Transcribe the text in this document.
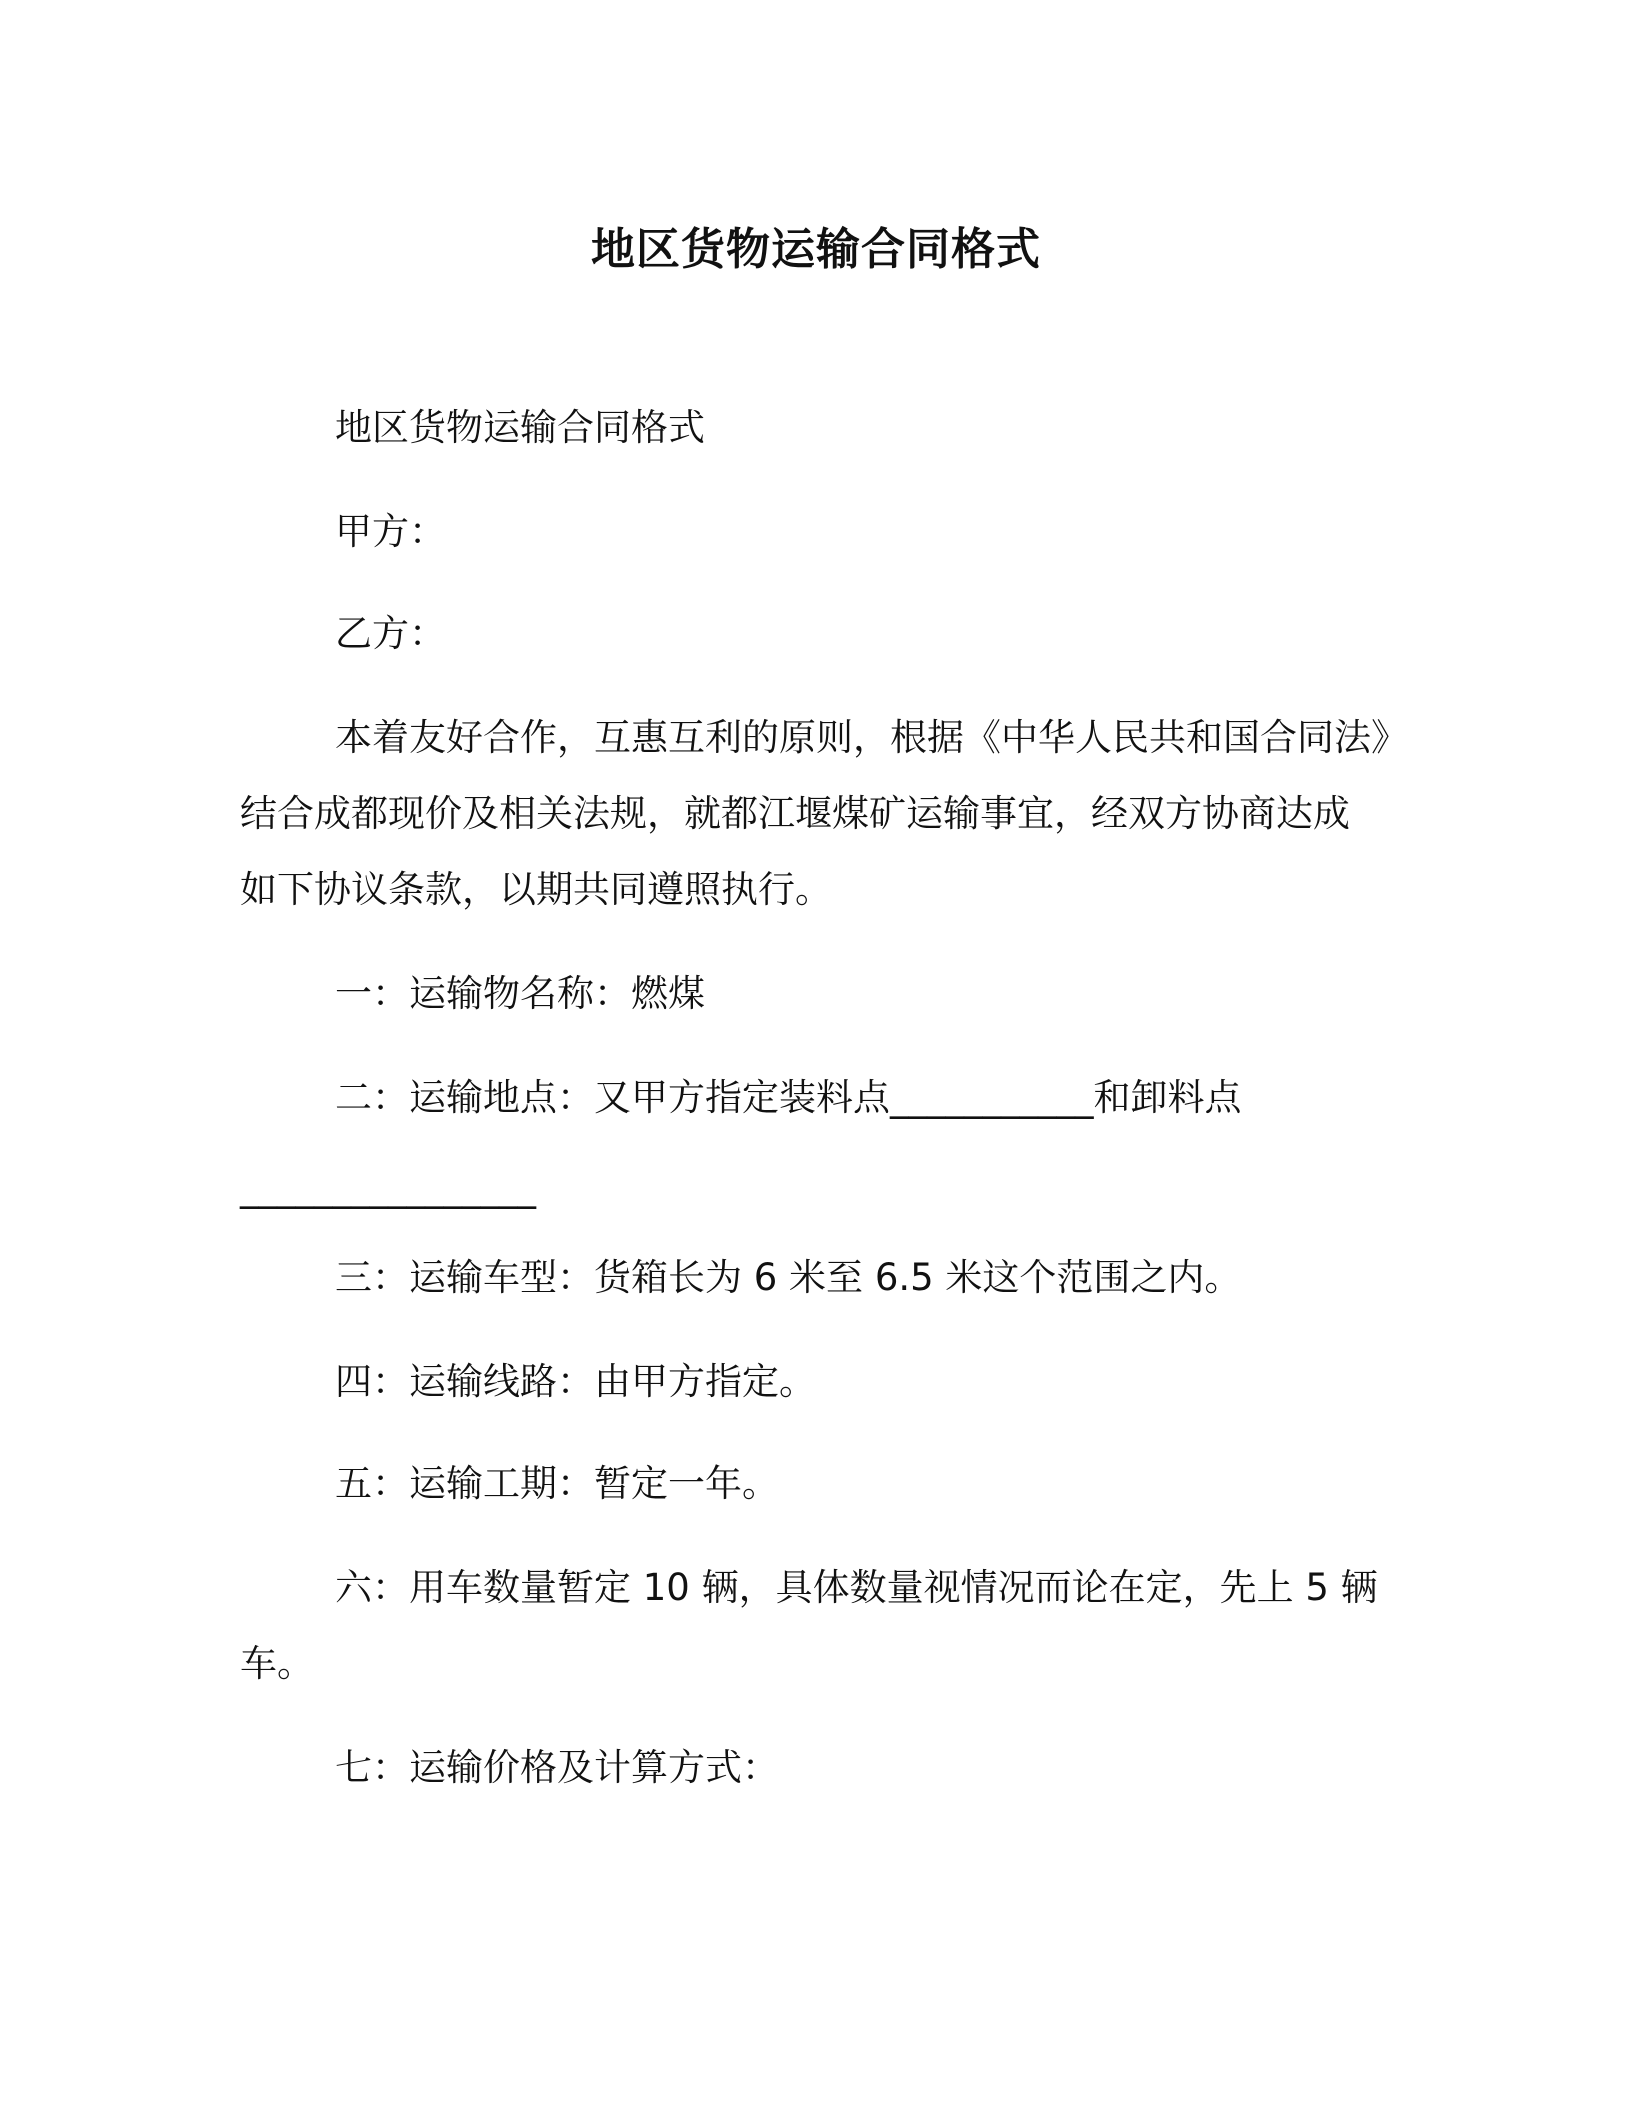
地区货物运输合同格式
地区货物运输合同格式
甲方：
乙方：
本着友好合作，互惠互利的原则，根据《中华人民共和国合同法》
结合成都现价及相关法规，就都江堰煤矿运输事宜，经双方协商达成
如下协议条款，以期共同遵照执行。
一：运输物名称：燃煤
二：运输地点：又甲方指定装料点___________和卸料点
________________
三：运输车型：货箱长为 6 米至 6.5 米这个范围之内。
四：运输线路：由甲方指定。
五：运输工期：暂定一年。
六：用车数量暂定 10 辆，具体数量视情况而论在定，先上 5 辆
车。
七：运输价格及计算方式：
